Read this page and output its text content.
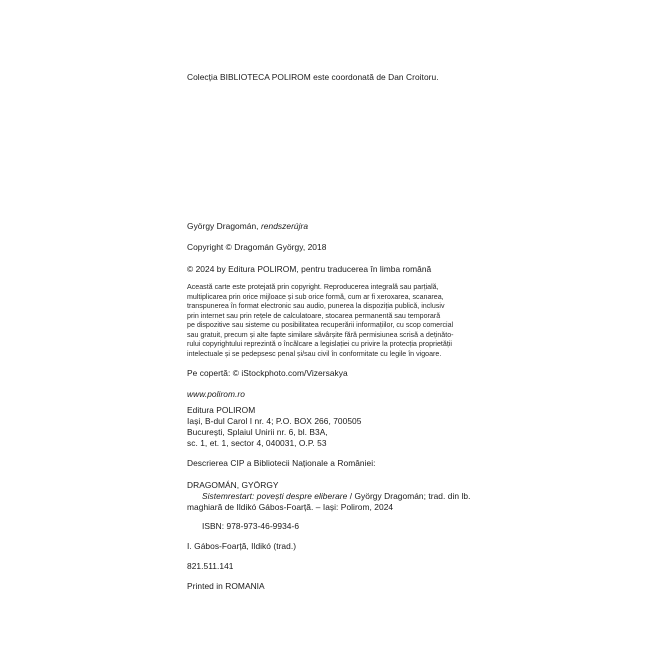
Colecția BIBLIOTECA POLIROM este coordonată de Dan Croitoru.
György Dragomán, rendszerújra
Copyright © Dragomán György, 2018
© 2024 by Editura POLIROM, pentru traducerea în limba română
Această carte este protejată prin copyright. Reproducerea integrală sau parțială,
multiplicarea prin orice mijloace și sub orice formă, cum ar fi xeroxarea, scanarea,
transpunerea în format electronic sau audio, punerea la dispoziția publică, inclusiv
prin internet sau prin rețele de calculatoare, stocarea permanentă sau temporară
pe dispozitive sau sisteme cu posibilitatea recuperării informațiilor, cu scop comercial
sau gratuit, precum și alte fapte similare săvârșite fără permisiunea scrisă a deținăto-
rului copyrightului reprezintă o încălcare a legislației cu privire la protecția proprietății
intelectuale și se pedepsesc penal și/sau civil în conformitate cu legile în vigoare.
Pe copertă: © iStockphoto.com/Vizersakya
www.polirom.ro
Editura POLIROM
Iași, B-dul Carol I nr. 4; P.O. BOX 266, 700505
București, Splaiul Unirii nr. 6, bl. B3A,
sc. 1, et. 1, sector 4, 040031, O.P. 53
Descrierea CIP a Bibliotecii Naționale a României:
DRAGOMÁN, GYÖRGY
Sistemrestart: povești despre eliberare / György Dragomán; trad. din lb.
maghiară de Ildikó Gábos-Foarță. – Iași: Polirom, 2024
ISBN: 978-973-46-9934-6
I. Gábos-Foarță, Ildikó (trad.)
821.511.141
Printed in ROMANIA
